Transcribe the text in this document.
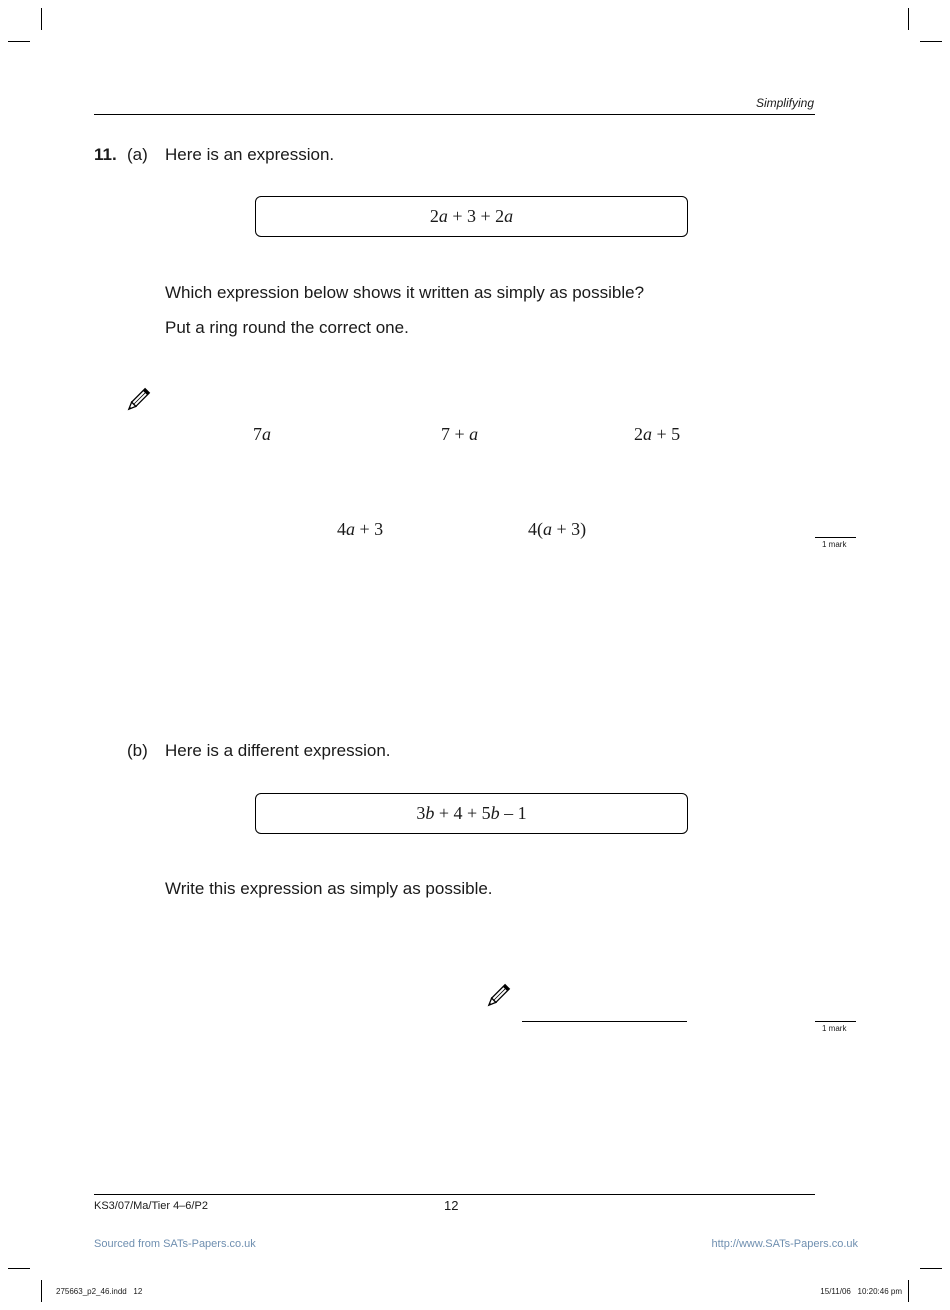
Simplifying
11. (a) Here is an expression.
2a + 3 + 2a
Which expression below shows it written as simply as possible?
Put a ring round the correct one.
7a	7 + a	2a + 5
4a + 3	4(a + 3)
1 mark
(b) Here is a different expression.
3b + 4 + 5b – 1
Write this expression as simply as possible.
1 mark
KS3/07/Ma/Tier 4–6/P2	12
Sourced from SATs-Papers.co.uk	http://www.SATs-Papers.co.uk
275663_p2_46.indd   12	15/11/06   10:20:46 pm
